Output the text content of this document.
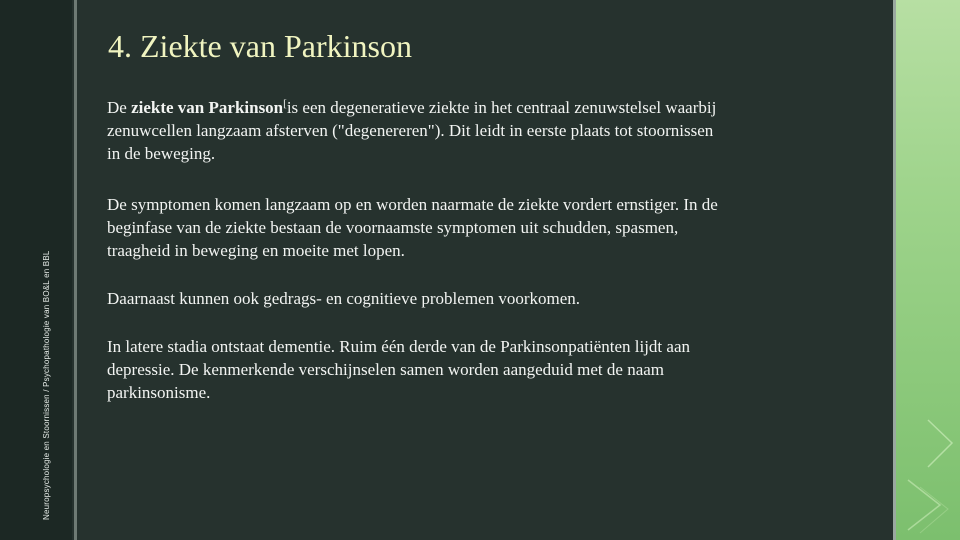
Neuropsychologie en Stoornissen / Psychopathologie van BO&L en BBL
4. Ziekte van Parkinson

De ziekte van Parkinson[is een degeneratieve ziekte in het centraal zenuwstelsel waarbij zenuwcellen langzaam afsterven ("degenereren"). Dit leidt in eerste plaats tot stoornissen in de beweging.

De symptomen komen langzaam op en worden naarmate de ziekte vordert ernstiger. In de beginfase van de ziekte bestaan de voornaamste symptomen uit schudden, spasmen, traagheid in beweging en moeite met lopen.

Daarnaast kunnen ook gedrags- en cognitieve problemen voorkomen.

In latere stadia ontstaat dementie. Ruim één derde van de Parkinsonpatiënten lijdt aan depressie. De kenmerkende verschijnselen samen worden aangeduid met de naam parkinsonisme.
